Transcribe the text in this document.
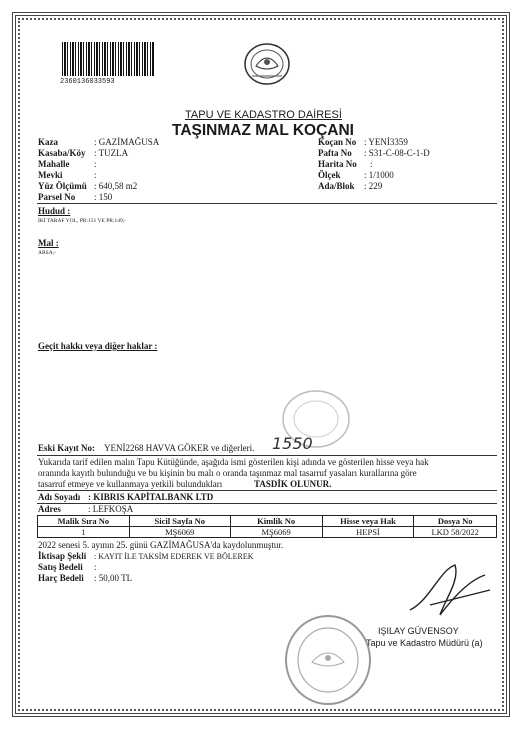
2360136033593
TAPU VE KADASTRO DAİRESİ
TAŞINMAZ MAL KOÇANI
Kaza	: GAZİMAĞUSA
Kasaba/Köy : TUZLA
Mahalle	:
Mevki	:
Yüz Ölçümü : 640,58 m2
Parsel No : 150
Koçan No : YENİ3359
Pafta No : S31-C-08-C-1-D
Harita No :
Ölçek	: 1/1000
Ada/Blok : 229
Hudud :
İKİ TARAF YOL, PR:151 VE PR:149;-
Mal :
ARSA;-
Geçit hakkı veya diğer haklar :
Eski Kayıt No: YENİ2268 HAVVA GÖKER ve diğerleri. 1550
Yukarıda tarif edilen malın Tapu Kütüğünde, aşağıda ismi gösterilen kişi adında ve gösterilen hisse veya hak
oranında kayıtlı bulunduğu ve bu kişinin bu malı o oranda taşınmaz mal tasarruf yasaları kurallarına göre
tasarruf etmeye ve kullanmaya yetkili bulundukları	TASDİK OLUNUR.
Adı Soyadı : KIBRIS KAPİTALBANK LTD
Adres	: LEFKOŞA
Malik Sıra No	Sicil Sayfa No	Kimlik No	Hisse veya Hak	Dosya No
1	MŞ6069	MŞ6069	HEPSİ	LKD 58/2022
2022 senesi 5. ayının 25. günü GAZİMAĞUSA'da kaydolunmuştur.
İktisap Şekli : KAYIT İLE TAKSİM EDEREK VE BÖLEREK
Satış Bedeli :
Harç Bedeli : 50,00 TL
IŞILAY GÜVENSOY
Tapu ve Kadastro Müdürü (a)
